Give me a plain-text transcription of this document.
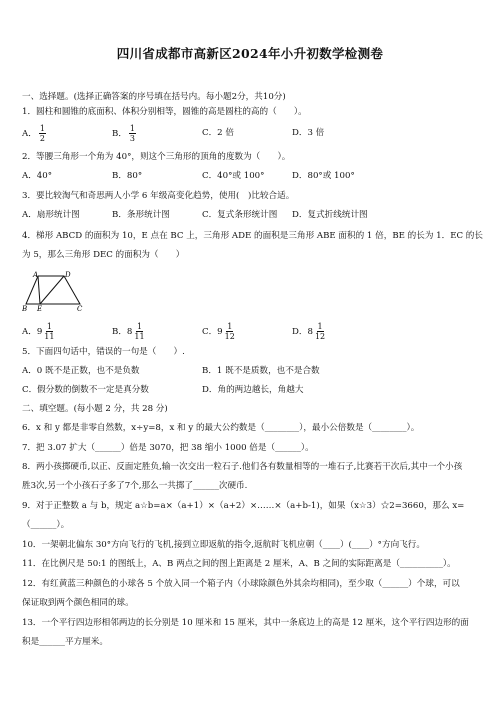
四川省成都市高新区2024年小升初数学检测卷
一、选择题。(选择正确答案的序号填在括号内。每小题2分，共10分)
1．圆柱和圆锥的底面积、体积分别相等，圆锥的高是圆柱的高的（　　）。
A． $\frac{1}{2}$	B． $\frac{1}{3}$	C．2 倍	D．3 倍
2．等腰三角形一个角为 40°，则这个三角形的顶角的度数为（　　）。
A．40°	B．80°	C．40°或 100°	D．80°或 100°
3．要比较淘气和奇思两人小学 6 年级高变化趋势，使用(　)比较合适。
A．扇形统计图	B．条形统计图	C．复式条形统计图 D．复式折线统计图
4．梯形 ABCD 的面积为 10，E 点在 BC 上，三角形 ADE 的面积是三角形 ABE 面积的 1 倍，BE 的长为 1．EC 的长
为 5，那么三角形 DEC 的面积为（　　）
A	D
B E	C
A．$9 \frac{1}{11}$	B．$8 \frac{1}{11}$	C．$9 \frac{1}{12}$	D．$8 \frac{1}{12}$
5．下面四句话中，错误的一句是（　　）.
A．0 既不是正数，也不是负数	B．1 既不是质数，也不是合数
C．假分数的倒数不一定是真分数	D．角的两边越长，角越大
二、填空题。(每小题 2 分，共 28 分)
6．x 和 y 都是非零自然数，x÷y=8，x 和 y 的最大公约数是（________），最小公倍数是（________）。
7．把 3.07 扩大（______）倍是 3070，把 38 缩小 1000 倍是（______）。
8．两小孩掷硬币,以正、反面定胜负,输一次交出一粒石子.他们各有数量相等的一堆石子,比赛若干次后,其中一个小孩
胜3次,另一个小孩石子多了7个,那么一共掷了______次硬币.
9．对于正整数 a 与 b，规定 a☆b=a×（a+1）×（a+2）×……×（a+b-1)，如果（x☆3）☆2=3660，那么 x=
（______）。
10．一架朝北偏东 30°方向飞行的飞机,接到立即返航的指令,返航时飞机应朝（____）(____）°方向飞行。
11．在比例尺是 50:1 的图纸上，A、B 两点之间的图上距离是 2 厘米，A、B 之间的实际距离是（__________）。
12．有红黄蓝三种颜色的小球各 5 个放入同一个箱子内（小球除颜色外其余均相同)，至少取（______）个球，可以
保证取到两个颜色相同的球。
13．一个平行四边形相邻两边的长分别是 10 厘米和 15 厘米，其中一条底边上的高是 12 厘米，这个平行四边形的面
积是______平方厘米。
